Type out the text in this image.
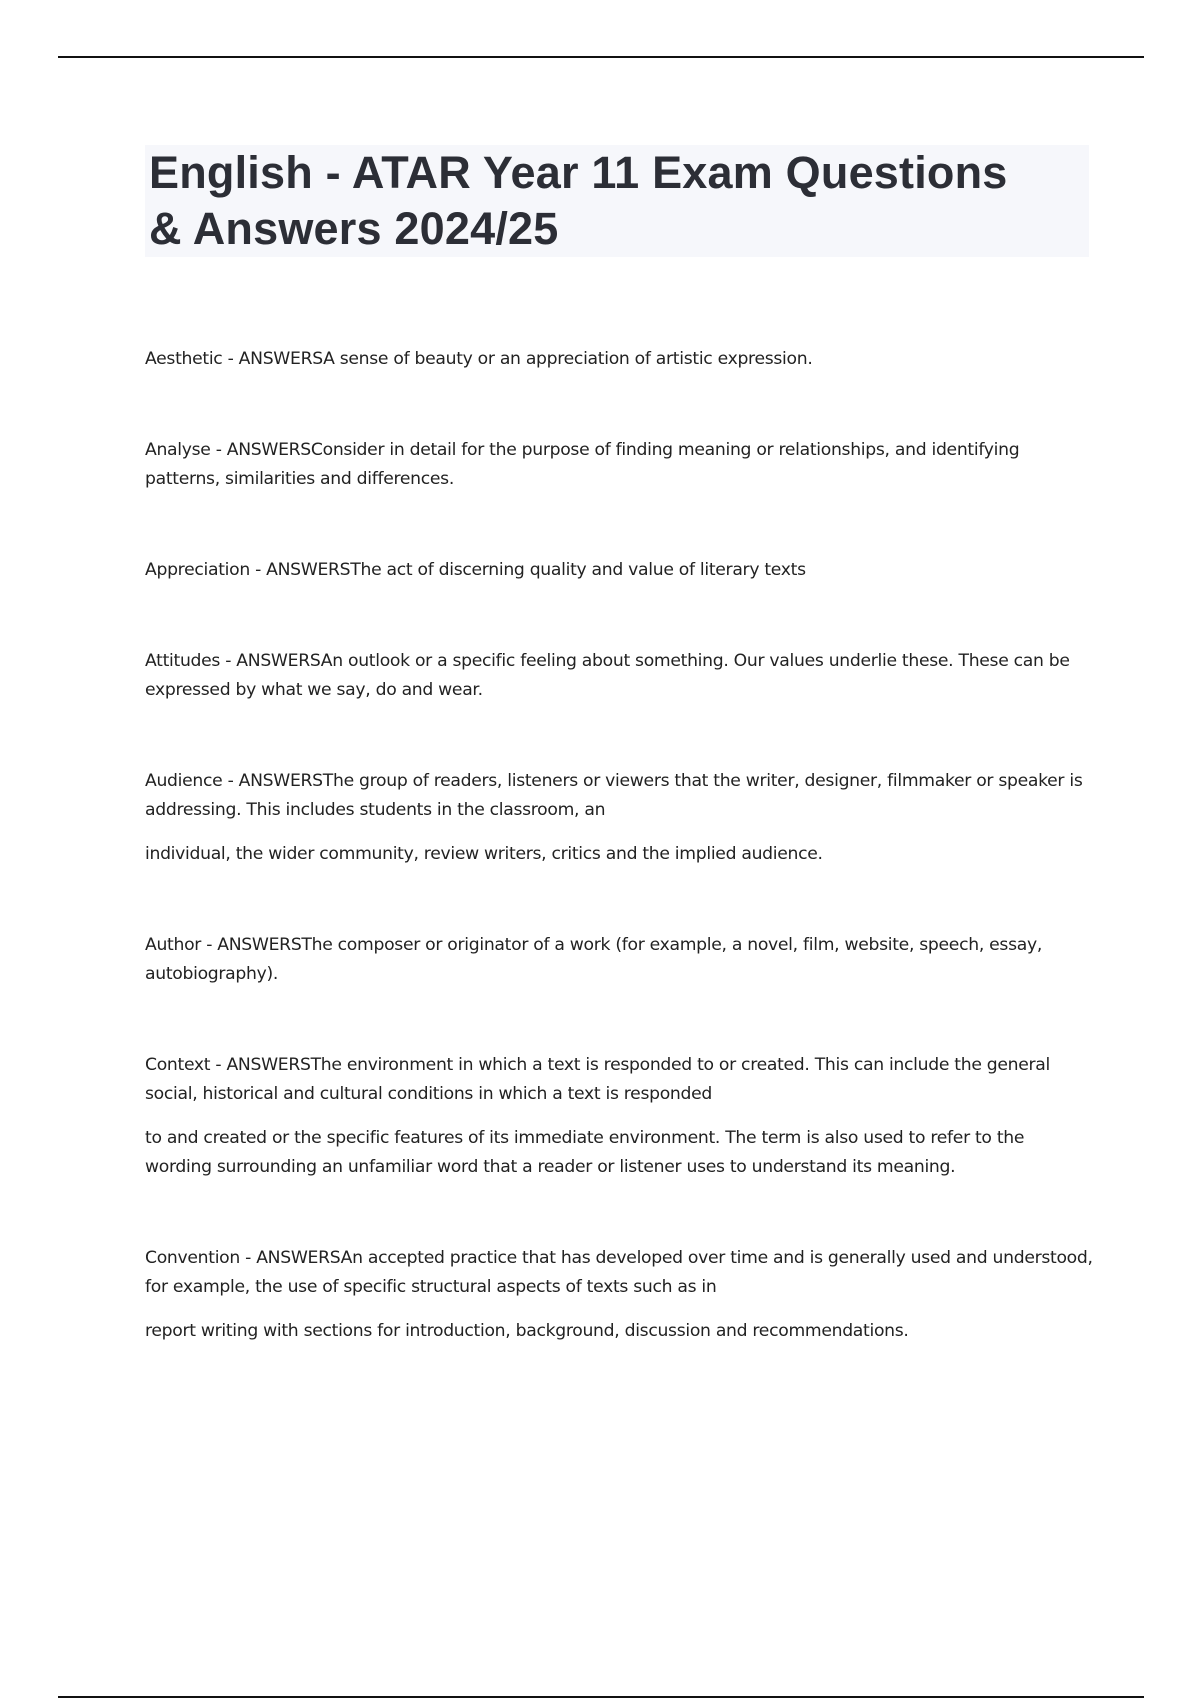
English - ATAR Year 11 Exam Questions
& Answers 2024/25

Aesthetic - ANSWERSA sense of beauty or an appreciation of artistic expression.

Analyse - ANSWERSConsider in detail for the purpose of finding meaning or relationships, and identifying patterns, similarities and differences.

Appreciation - ANSWERSThe act of discerning quality and value of literary texts

Attitudes - ANSWERSAn outlook or a specific feeling about something. Our values underlie these. These can be expressed by what we say, do and wear.

Audience - ANSWERSThe group of readers, listeners or viewers that the writer, designer, filmmaker or speaker is addressing. This includes students in the classroom, an

individual, the wider community, review writers, critics and the implied audience.

Author - ANSWERSThe composer or originator of a work (for example, a novel, film, website, speech, essay, autobiography).

Context - ANSWERSThe environment in which a text is responded to or created. This can include the general social, historical and cultural conditions in which a text is responded

to and created or the specific features of its immediate environment. The term is also used to refer to the wording surrounding an unfamiliar word that a reader or listener uses to understand its meaning.

Convention - ANSWERSAn accepted practice that has developed over time and is generally used and understood, for example, the use of specific structural aspects of texts such as in

report writing with sections for introduction, background, discussion and recommendations.
